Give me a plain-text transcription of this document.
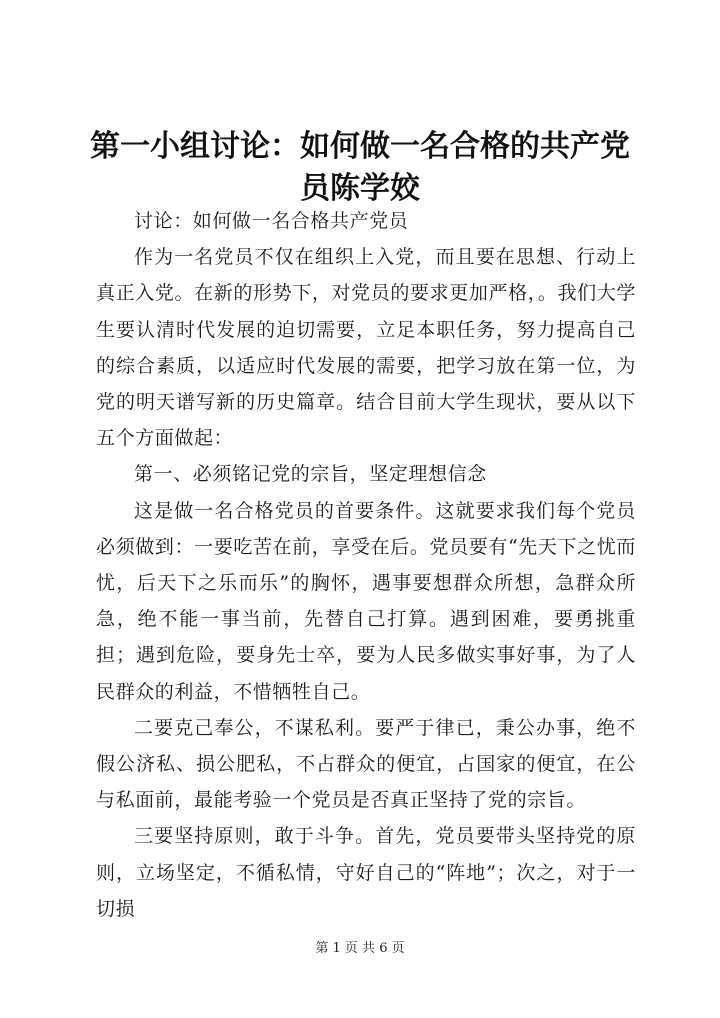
第一小组讨论：如何做一名合格的共产党员陈学姣

讨论：如何做一名合格共产党员

作为一名党员不仅在组织上入党，而且要在思想、行动上真正入党。在新的形势下，对党员的要求更加严格，。我们大学生要认清时代发展的迫切需要，立足本职任务，努力提高自己的综合素质，以适应时代发展的需要，把学习放在第一位，为党的明天谱写新的历史篇章。结合目前大学生现状，要从以下五个方面做起：

第一、必须铭记党的宗旨，坚定理想信念

这是做一名合格党员的首要条件。这就要求我们每个党员必须做到：一要吃苦在前，享受在后。党员要有“先天下之忧而忧，后天下之乐而乐”的胸怀，遇事要想群众所想，急群众所急，绝不能一事当前，先替自己打算。遇到困难，要勇挑重担；遇到危险，要身先士卒，要为人民多做实事好事，为了人民群众的利益，不惜牺牲自己。

二要克己奉公，不谋私利。要严于律已，秉公办事，绝不假公济私、损公肥私，不占群众的便宜，占国家的便宜，在公与私面前，最能考验一个党员是否真正坚持了党的宗旨。

三要坚持原则，敢于斗争。首先，党员要带头坚持党的原则，立场坚定，不循私情，守好自己的“阵地”；次之，对于一切损

第 1 页 共 6 页
